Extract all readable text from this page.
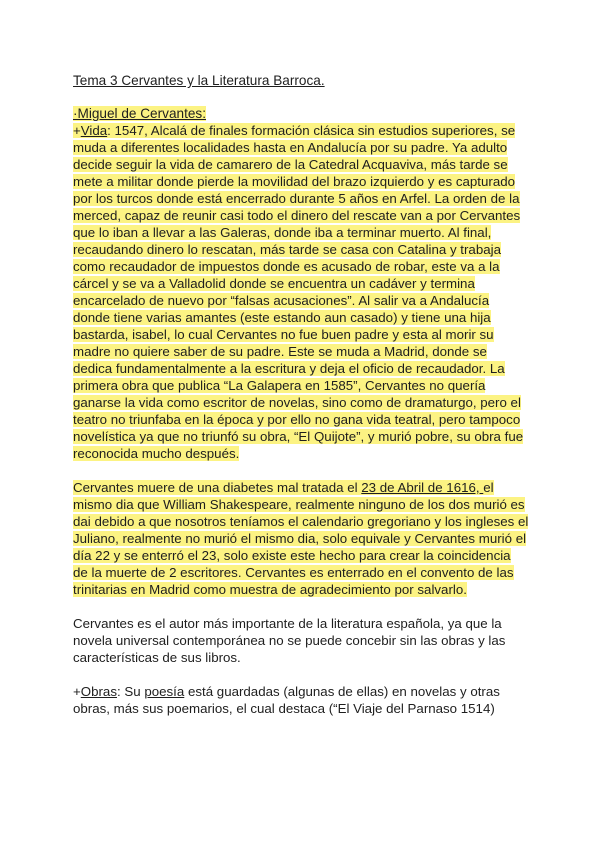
Tema 3 Cervantes y la Literatura Barroca.

·Miguel de Cervantes:

+Vida: 1547, Alcalá de finales formación clásica sin estudios superiores, se muda a diferentes localidades hasta en Andalucía por su padre. Ya adulto decide seguir la vida de camarero de la Catedral Acquaviva, más tarde se mete a militar donde pierde la movilidad del brazo izquierdo y es capturado por los turcos donde está encerrado durante 5 años en Arfel. La orden de la merced, capaz de reunir casi todo el dinero del rescate van a por Cervantes que lo iban a llevar a las Galeras, donde iba a terminar muerto. Al final, recaudando dinero lo rescatan, más tarde se casa con Catalina y trabaja como recaudador de impuestos donde es acusado de robar, este va a la cárcel y se va a Valladolid donde se encuentra un cadáver y termina encarcelado de nuevo por “falsas acusaciones”. Al salir va a Andalucía donde tiene varias amantes (este estando aun casado) y tiene una hija bastarda, isabel, lo cual Cervantes no fue buen padre y esta al morir su madre no quiere saber de su padre. Este se muda a Madrid, donde se dedica fundamentalmente a la escritura y deja el oficio de recaudador. La primera obra que publica “La Galapera en 1585”, Cervantes no quería ganarse la vida como escritor de novelas, sino como de dramaturgo, pero el teatro no triunfaba en la época y por ello no gana vida teatral, pero tampoco novelística ya que no triunfó su obra, “El Quijote”, y murió pobre, su obra fue reconocida mucho después.

Cervantes muere de una diabetes mal tratada el 23 de Abril de 1616, el mismo dia que William Shakespeare, realmente ninguno de los dos murió es dai debido a que nosotros teníamos el calendario gregoriano y los ingleses el Juliano, realmente no murió el mismo dia, solo equivale y Cervantes murió el día 22 y se enterró el 23, solo existe este hecho para crear la coincidencia de la muerte de 2 escritores. Cervantes es enterrado en el convento de las trinitarias en Madrid como muestra de agradecimiento por salvarlo.

Cervantes es el autor más importante de la literatura española, ya que la novela universal contemporánea no se puede concebir sin las obras y las características de sus libros.

+Obras: Su poesía está guardadas (algunas de ellas) en novelas y otras obras, más sus poemarios, el cual destaca (“El Viaje del Parnaso 1514)
